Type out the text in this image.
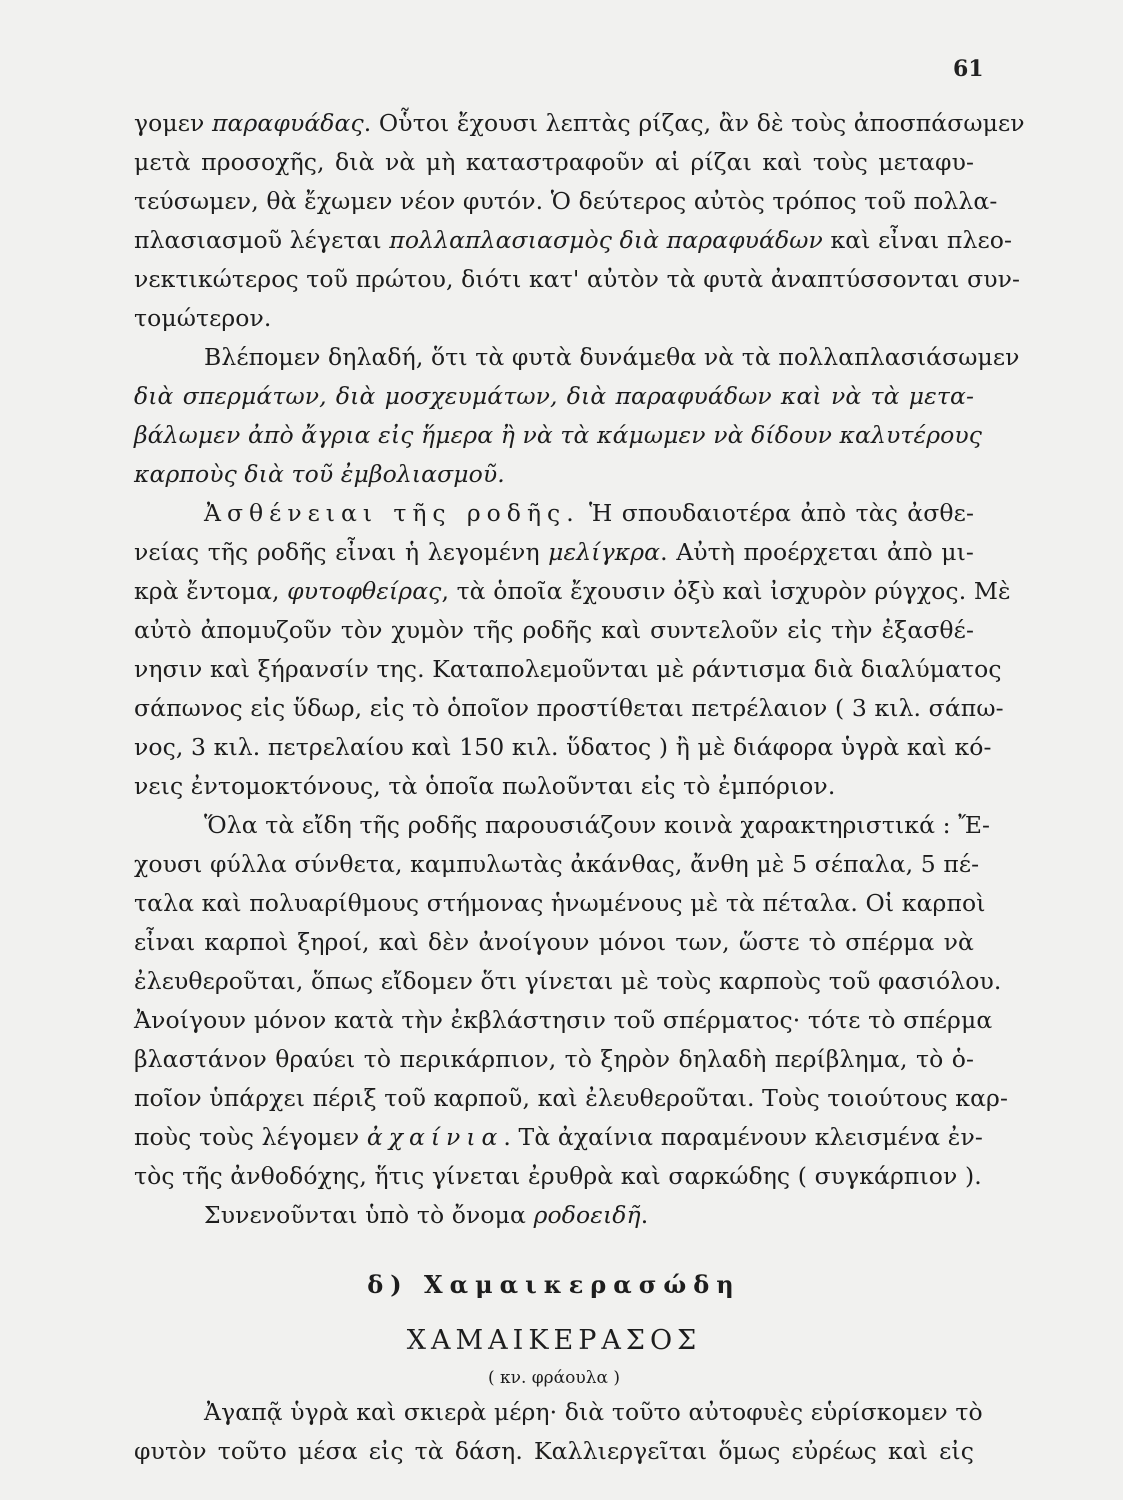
61
γομεν παραφυάδας. Οὗτοι ἔχουσι λεπτὰς ρίζας, ἂν δὲ τοὺς ἀποσπάσωμεν
μετὰ προσοχῆς, διὰ νὰ μὴ καταστραφοῦν αἱ ρίζαι καὶ τοὺς μεταφυ-
τεύσωμεν, θὰ ἔχωμεν νέον φυτόν. Ὁ δεύτερος αὐτὸς τρόπος τοῦ πολλα-
πλασιασμοῦ λέγεται πολλαπλασιασμὸς διὰ παραφυάδων καὶ εἶναι πλεο-
νεκτικώτερος τοῦ πρώτου, διότι κατ' αὐτὸν τὰ φυτὰ ἀναπτύσσονται συν-
τομώτερον.
Βλέπομεν δηλαδή, ὅτι τὰ φυτὰ δυνάμεθα νὰ τὰ πολλαπλασιάσωμεν
διὰ σπερμάτων, διὰ μοσχευμάτων, διὰ παραφυάδων καὶ νὰ τὰ μετα-
βάλωμεν ἀπὸ ἄγρια εἰς ἥμερα ἢ νὰ τὰ κάμωμεν νὰ δίδουν καλυτέρους
καρποὺς διὰ τοῦ ἐμβολιασμοῦ.
Ἀσθένειαι τῆς ροδῆς. Ἡ σπουδαιοτέρα ἀπὸ τὰς ἀσθε-
νείας τῆς ροδῆς εἶναι ἡ λεγομένη μελίγκρα. Αὐτὴ προέρχεται ἀπὸ μι-
κρὰ ἔντομα, φυτοφθείρας, τὰ ὁποῖα ἔχουσιν ὀξὺ καὶ ἰσχυρὸν ρύγχος. Μὲ
αὐτὸ ἀπομυζοῦν τὸν χυμὸν τῆς ροδῆς καὶ συντελοῦν εἰς τὴν ἐξασθέ-
νησιν καὶ ξήρανσίν της. Καταπολεμοῦνται μὲ ράντισμα διὰ διαλύματος
σάπωνος εἰς ὕδωρ, εἰς τὸ ὁποῖον προστίθεται πετρέλαιον ( 3 κιλ. σάπω-
νος, 3 κιλ. πετρελαίου καὶ 150 κιλ. ὕδατος ) ἢ μὲ διάφορα ὑγρὰ καὶ κό-
νεις ἐντομοκτόνους, τὰ ὁποῖα πωλοῦνται εἰς τὸ ἐμπόριον.
Ὅλα τὰ εἴδη τῆς ροδῆς παρουσιάζουν κοινὰ χαρακτηριστικά : Ἔ-
χουσι φύλλα σύνθετα, καμπυλωτὰς ἀκάνθας, ἄνθη μὲ 5 σέπαλα, 5 πέ-
ταλα καὶ πολυαρίθμους στήμονας ἡνωμένους μὲ τὰ πέταλα. Οἱ καρποὶ
εἶναι καρποὶ ξηροί, καὶ δὲν ἀνοίγουν μόνοι των, ὥστε τὸ σπέρμα νὰ
ἐλευθεροῦται, ὅπως εἴδομεν ὅτι γίνεται μὲ τοὺς καρποὺς τοῦ φασιόλου.
Ἀνοίγουν μόνον κατὰ τὴν ἐκβλάστησιν τοῦ σπέρματος· τότε τὸ σπέρμα
βλαστάνον θραύει τὸ περικάρπιον, τὸ ξηρὸν δηλαδὴ περίβλημα, τὸ ὁ-
ποῖον ὑπάρχει πέριξ τοῦ καρποῦ, καὶ ἐλευθεροῦται. Τοὺς τοιούτους καρ-
ποὺς τοὺς λέγομεν ἀχαίνια. Τὰ ἀχαίνια παραμένουν κλεισμένα ἐν-
τὸς τῆς ἀνθοδόχης, ἥτις γίνεται ἐρυθρὰ καὶ σαρκώδης ( συγκάρπιον ).
Συνενοῦνται ὑπὸ τὸ ὄνομα ροδοειδῆ.
δ) Χαμαικερασώδη
ΧΑΜΑΙΚΕΡΑΣΟΣ
( κν. φράουλα )
Ἀγαπᾷ ὑγρὰ καὶ σκιερὰ μέρη· διὰ τοῦτο αὐτοφυὲς εὑρίσκομεν τὸ
φυτὸν τοῦτο μέσα εἰς τὰ δάση. Καλλιεργεῖται ὅμως εὐρέως καὶ εἰς
